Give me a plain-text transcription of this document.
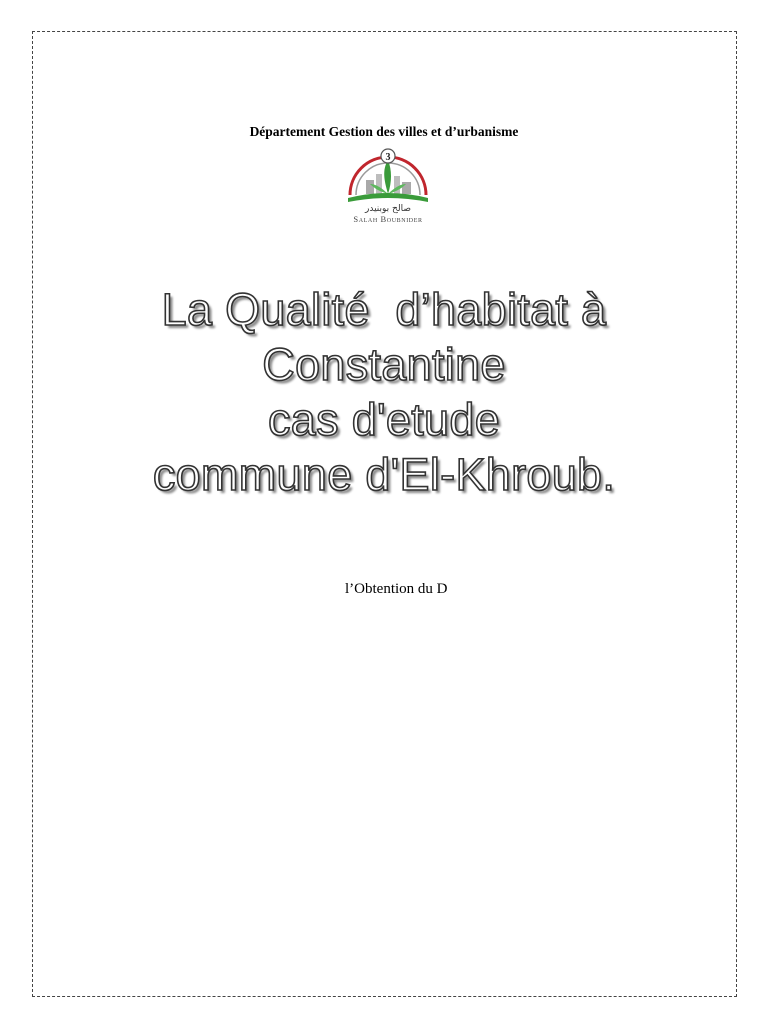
Département Gestion des villes et d’urbanisme
3
صالح بوبنيدر
Salah Boubnider
La Qualité  d’habitat à
Constantine
cas d'etude
commune d'El-Khroub.
l’Obtention du D
